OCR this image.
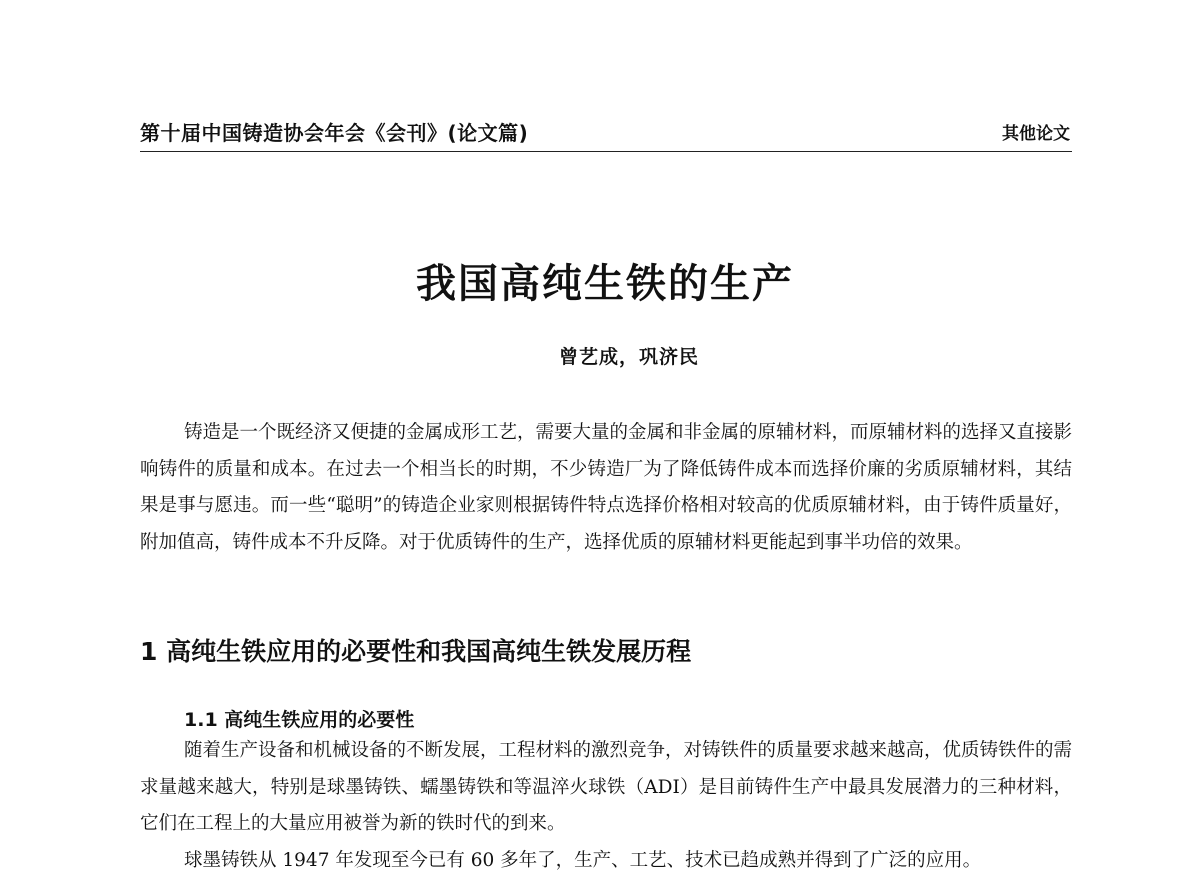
第十届中国铸造协会年会《会刊》(论文篇)	其他论文
我国高纯生铁的生产
曾艺成，巩济民

铸造是一个既经济又便捷的金属成形工艺，需要大量的金属和非金属的原辅材料，而原辅材料的选择又直接影响铸件的质量和成本。在过去一个相当长的时期，不少铸造厂为了降低铸件成本而选择价廉的劣质原辅材料，其结果是事与愿违。而一些“聪明”的铸造企业家则根据铸件特点选择价格相对较高的优质原辅材料，由于铸件质量好，附加值高，铸件成本不升反降。对于优质铸件的生产，选择优质的原辅材料更能起到事半功倍的效果。

1 高纯生铁应用的必要性和我国高纯生铁发展历程
1.1 高纯生铁应用的必要性

随着生产设备和机械设备的不断发展，工程材料的激烈竞争，对铸铁件的质量要求越来越高，优质铸铁件的需求量越来越大，特别是球墨铸铁、蠕墨铸铁和等温淬火球铁（ADI）是目前铸件生产中最具发展潜力的三种材料，它们在工程上的大量应用被誉为新的铁时代的到来。

球墨铸铁从 1947 年发现至今已有 60 多年了，生产、工艺、技术已趋成熟并得到了广泛的应用。
